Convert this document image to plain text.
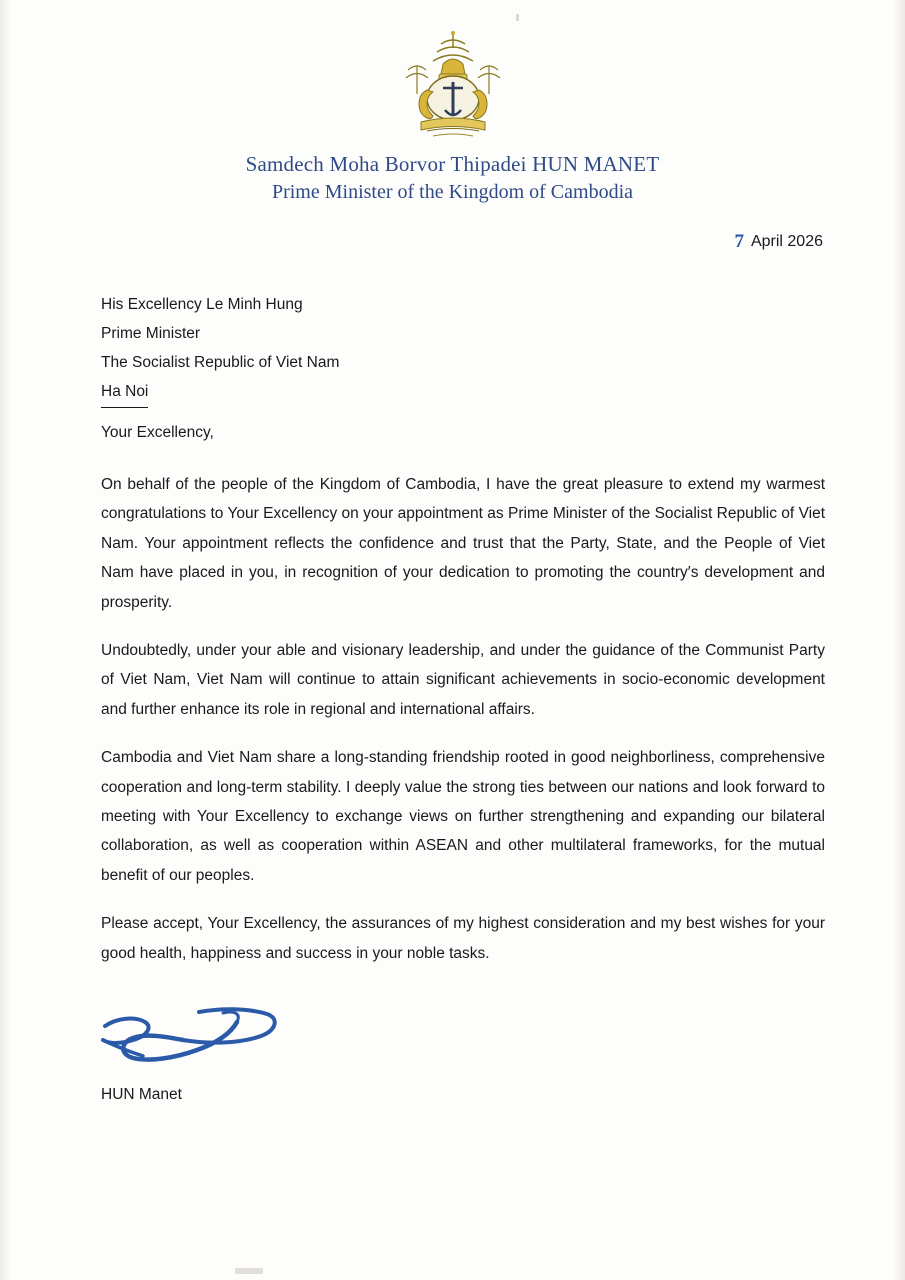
Samdech Moha Borvor Thipadei HUN MANET
Prime Minister of the Kingdom of Cambodia
7 April 2026
His Excellency Le Minh Hung
Prime Minister
The Socialist Republic of Viet Nam
Ha Noi
Your Excellency,

On behalf of the people of the Kingdom of Cambodia, I have the great pleasure to extend my warmest congratulations to Your Excellency on your appointment as Prime Minister of the Socialist Republic of Viet Nam. Your appointment reflects the confidence and trust that the Party, State, and the People of Viet Nam have placed in you, in recognition of your dedication to promoting the country′s development and prosperity.

Undoubtedly, under your able and visionary leadership, and under the guidance of the Communist Party of Viet Nam, Viet Nam will continue to attain significant achievements in socio-economic development and further enhance its role in regional and international affairs.

Cambodia and Viet Nam share a long-standing friendship rooted in good neighborliness, comprehensive cooperation and long-term stability. I deeply value the strong ties between our nations and look forward to meeting with Your Excellency to exchange views on further strengthening and expanding our bilateral collaboration, as well as cooperation within ASEAN and other multilateral frameworks, for the mutual benefit of our peoples.

Please accept, Your Excellency, the assurances of my highest consideration and my best wishes for your good health, happiness and success in your noble tasks.

HUN Manet
